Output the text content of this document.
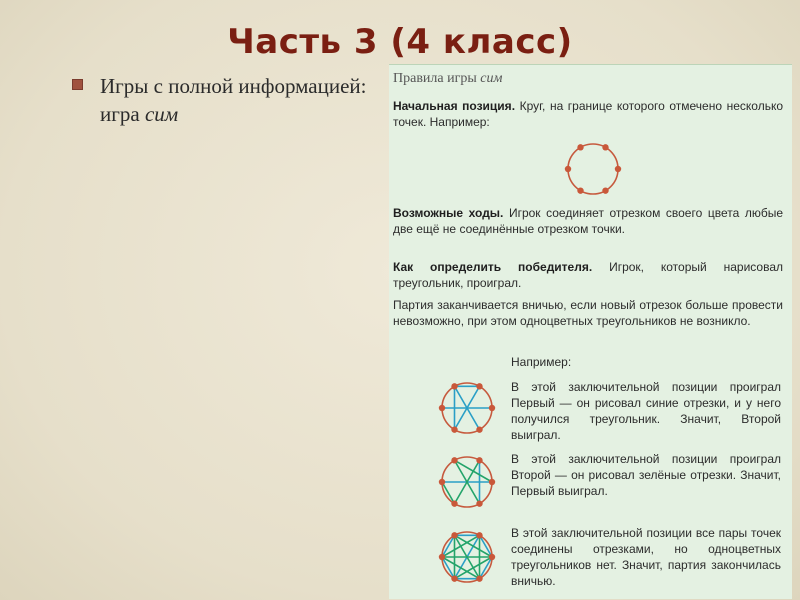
Часть 3 (4 класс)
Игры с полной информацией: игра сим
Правила игры сим
Начальная позиция. Круг, на границе которого отмечено несколько точек. Например:
Возможные ходы. Игрок соединяет отрезком своего цвета любые две ещё не соединённые отрезком точки.
Как определить победителя. Игрок, который нарисовал треугольник, проиграл.
Партия заканчивается вничью, если новый отрезок больше провести невозможно, при этом одноцветных треугольников не возникло.
Например:
В этой заключительной позиции проиграл Первый — он рисовал синие отрезки, и у него получился треугольник. Значит, Второй выиграл.
В этой заключительной позиции проиграл Второй — он рисовал зелёные отрезки. Значит, Первый выиграл.
В этой заключительной позиции все пары точек соединены отрезками, но одноцветных треугольников нет. Значит, партия закончилась вничью.
